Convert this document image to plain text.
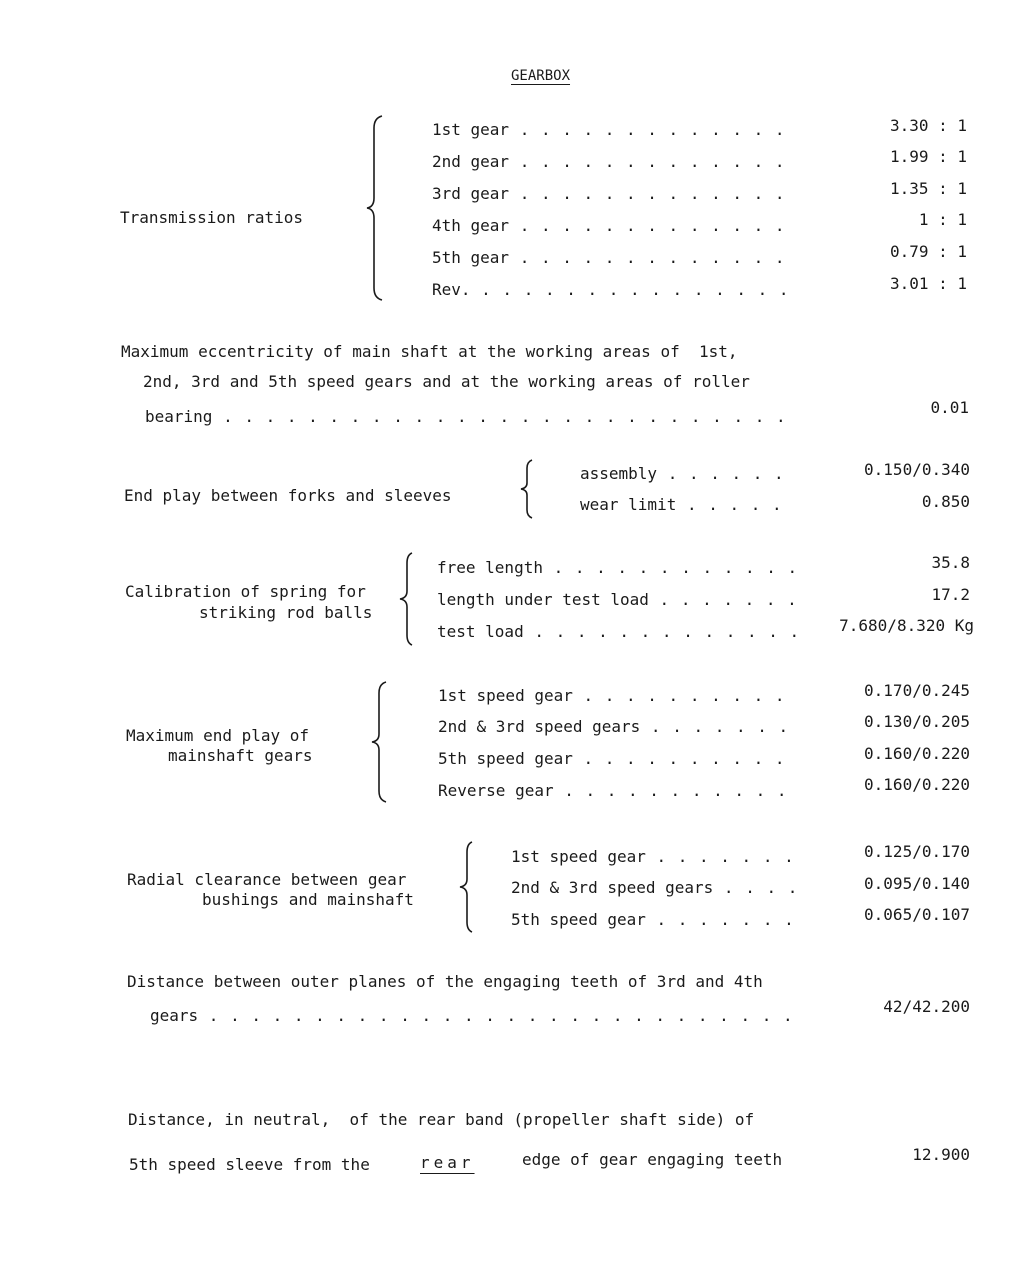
GEARBOX
Transmission ratios
1st gear . . .	3.30 : 1
2nd gear . . .	1.99 : 1
3rd gear . . .	1.35 : 1
4th gear . . .	1 : 1
5th gear . . .	0.79 : 1
Rev. . . .	3.01 : 1
Maximum eccentricity of main shaft at the working areas of  1st,
2nd, 3rd and 5th speed gears and at the working areas of roller
bearing . . .	0.01
End play between forks and sleeves
assembly . . .	0.150/0.340
wear limit . . .	0.850
Calibration of spring for
striking rod balls
free length . . .	35.8
length under test load . . .	17.2
test load . . .	7.680/8.320 Kg
Maximum end play of
mainshaft gears
1st speed gear . . .	0.170/0.245
2nd & 3rd speed gears . . .	0.130/0.205
5th speed gear . . .	0.160/0.220
Reverse gear . . .	0.160/0.220
Radial clearance between gear
bushings and mainshaft
1st speed gear . . .	0.125/0.170
2nd & 3rd speed gears . . .	0.095/0.140
5th speed gear . . .	0.065/0.107
Distance between outer planes of the engaging teeth of 3rd and 4th
gears . . .	42/42.200
Distance, in neutral,  of the rear band (propeller shaft side) of
5th speed sleeve from the	rear	edge of gear engaging teeth	12.900
